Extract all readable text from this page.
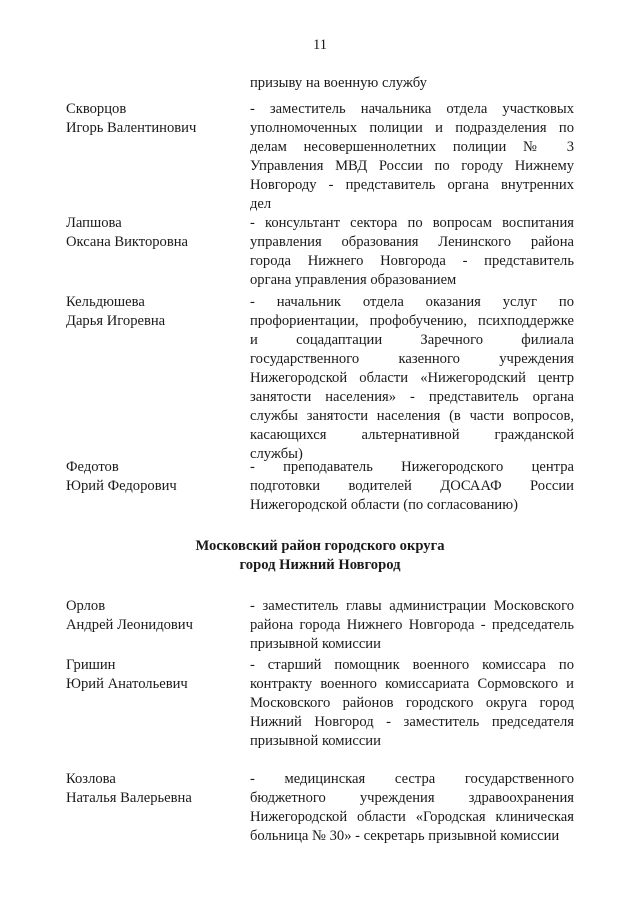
11
призыву на военную службу
Скворцов
Игорь Валентинович
- заместитель начальника отдела участковых
уполномоченных полиции и подразделения по
делам несовершеннолетних полиции № 3
Управления МВД России по городу Нижнему
Новгороду - представитель органа внутренних
дел
Лапшова
Оксана Викторовна
- консультант сектора по вопросам воспитания
управления образования Ленинского района
города Нижнего Новгорода - представитель
органа управления образованием
Кельдюшева
Дарья Игоревна
- начальник отдела оказания услуг по
профориентации, профобучению, психподдержке
и соцадаптации Заречного филиала
государственного казенного учреждения
Нижегородской области «Нижегородский центр
занятости населения» - представитель органа
службы занятости населения (в части вопросов,
касающихся альтернативной гражданской
службы)
Федотов
Юрий Федорович
- преподаватель Нижегородского центра
подготовки водителей ДОСААФ России
Нижегородской области (по согласованию)
Московский район городского округа
город Нижний Новгород
Орлов
Андрей Леонидович
- заместитель главы администрации Московского
района города Нижнего Новгорода - председатель
призывной комиссии
Гришин
Юрий Анатольевич
- старший помощник военного комиссара по
контракту военного комиссариата Сормовского и
Московского районов городского округа город
Нижний Новгород - заместитель председателя
призывной комиссии
Козлова
Наталья Валерьевна
- медицинская сестра государственного
бюджетного учреждения здравоохранения
Нижегородской области «Городская клиническая
больница № 30» - секретарь призывной комиссии
